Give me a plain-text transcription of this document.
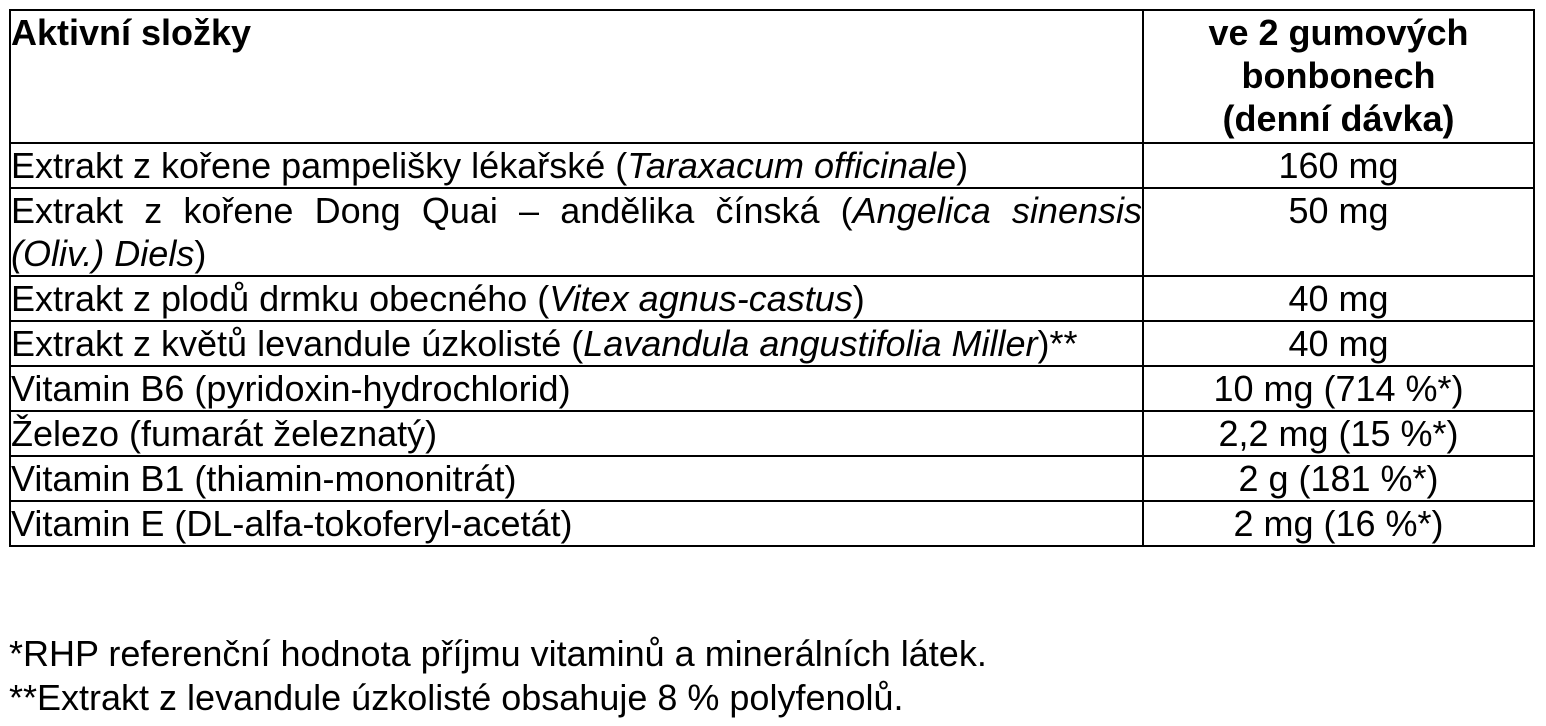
Aktivní složky	ve 2 gumových
bonbonech
(denní dávka)
Extrakt z kořene pampelišky lékařské (Taraxacum officinale)	160 mg
Extrakt z kořene Dong Quai – andělika čínská (Angelica sinensis (Oliv.) Diels)	50 mg
Extrakt z plodů drmku obecného (Vitex agnus-castus)	40 mg
Extrakt z květů levandule úzkolisté (Lavandula angustifolia Miller)**	40 mg
Vitamin B6 (pyridoxin-hydrochlorid)	10 mg (714 %*)
Železo (fumarát železnatý)	2,2 mg (15 %*)
Vitamin B1 (thiamin-mononitrát)	2 g (181 %*)
Vitamin E (DL-alfa-tokoferyl-acetát)	2 mg (16 %*)
*RHP referenční hodnota příjmu vitaminů a minerálních látek.
**Extrakt z levandule úzkolisté obsahuje 8 % polyfenolů.
